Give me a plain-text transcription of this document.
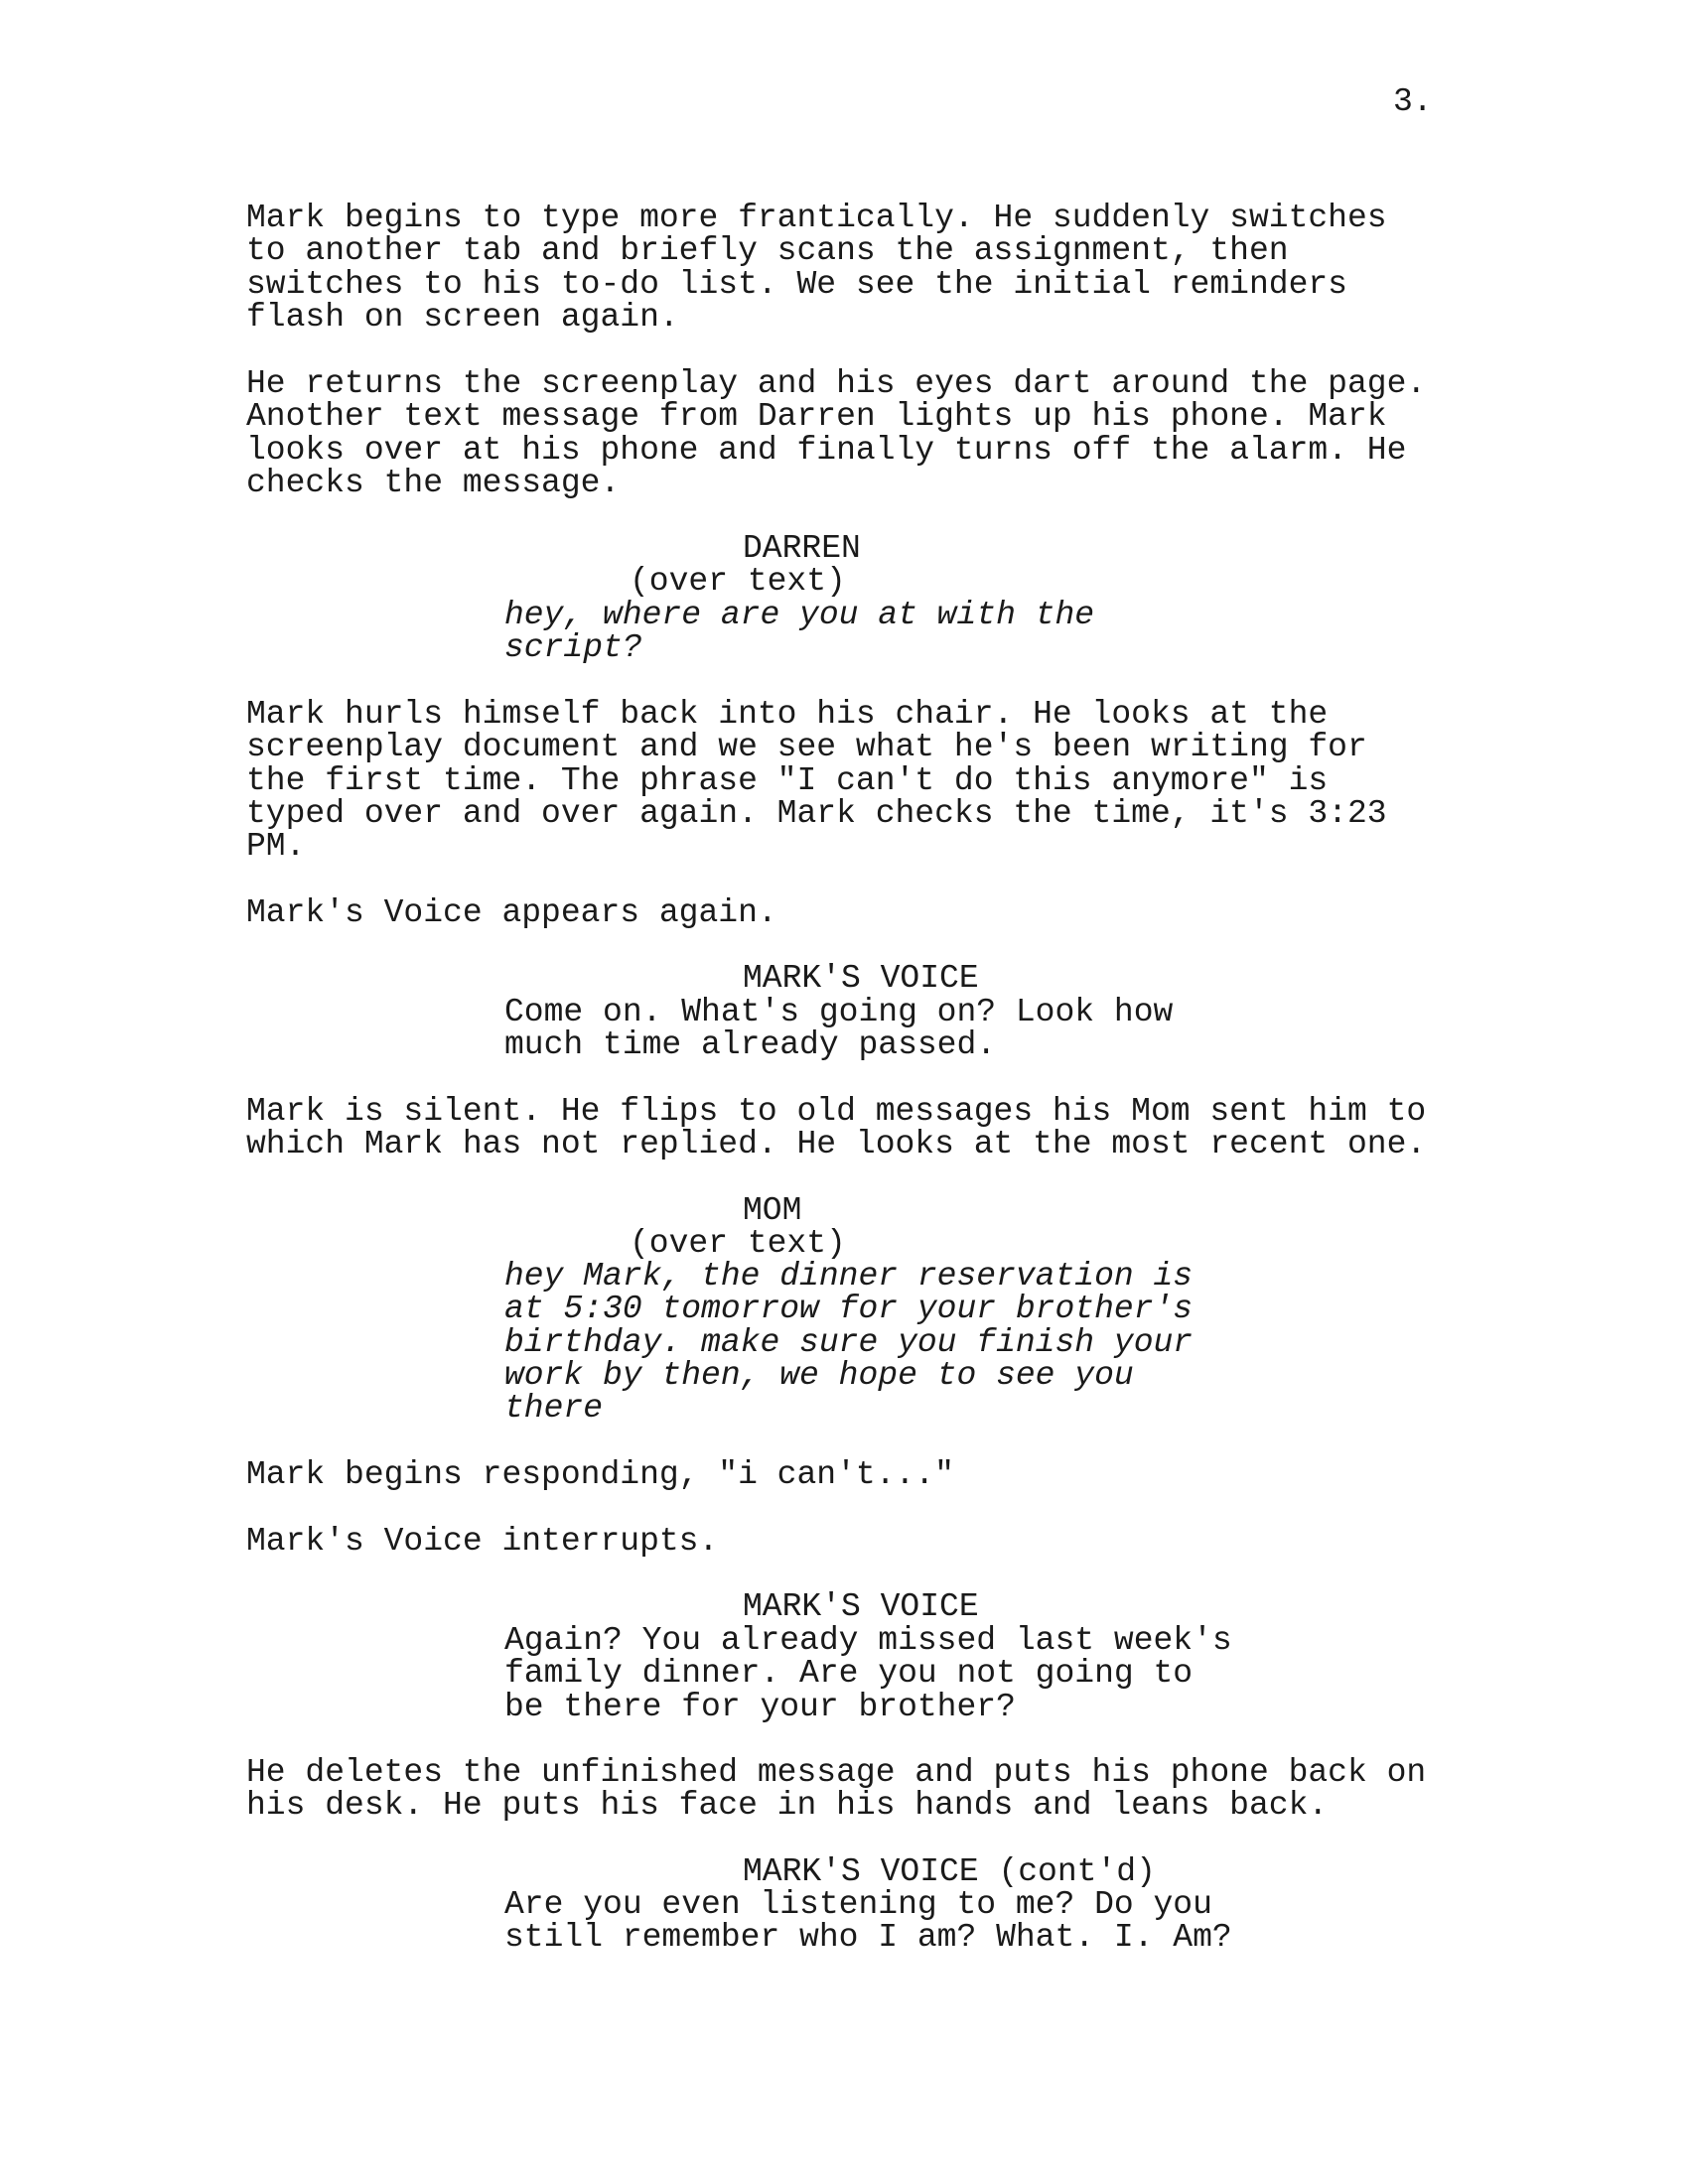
3.
Mark begins to type more frantically. He suddenly switches
to another tab and briefly scans the assignment, then
switches to his to-do list. We see the initial reminders
flash on screen again.
He returns the screenplay and his eyes dart around the page.
Another text message from Darren lights up his phone. Mark
looks over at his phone and finally turns off the alarm. He
checks the message.
DARREN
(over text)
hey, where are you at with the
script?
Mark hurls himself back into his chair. He looks at the
screenplay document and we see what he's been writing for
the first time. The phrase "I can't do this anymore" is
typed over and over again. Mark checks the time, it's 3:23
PM.
Mark's Voice appears again.
MARK'S VOICE
Come on. What's going on? Look how
much time already passed.
Mark is silent. He flips to old messages his Mom sent him to
which Mark has not replied. He looks at the most recent one.
MOM
(over text)
hey Mark, the dinner reservation is
at 5:30 tomorrow for your brother's
birthday. make sure you finish your
work by then, we hope to see you
there
Mark begins responding, "i can't..."
Mark's Voice interrupts.
MARK'S VOICE
Again? You already missed last week's
family dinner. Are you not going to
be there for your brother?
He deletes the unfinished message and puts his phone back on
his desk. He puts his face in his hands and leans back.
MARK'S VOICE (cont'd)
Are you even listening to me? Do you
still remember who I am? What. I. Am?
